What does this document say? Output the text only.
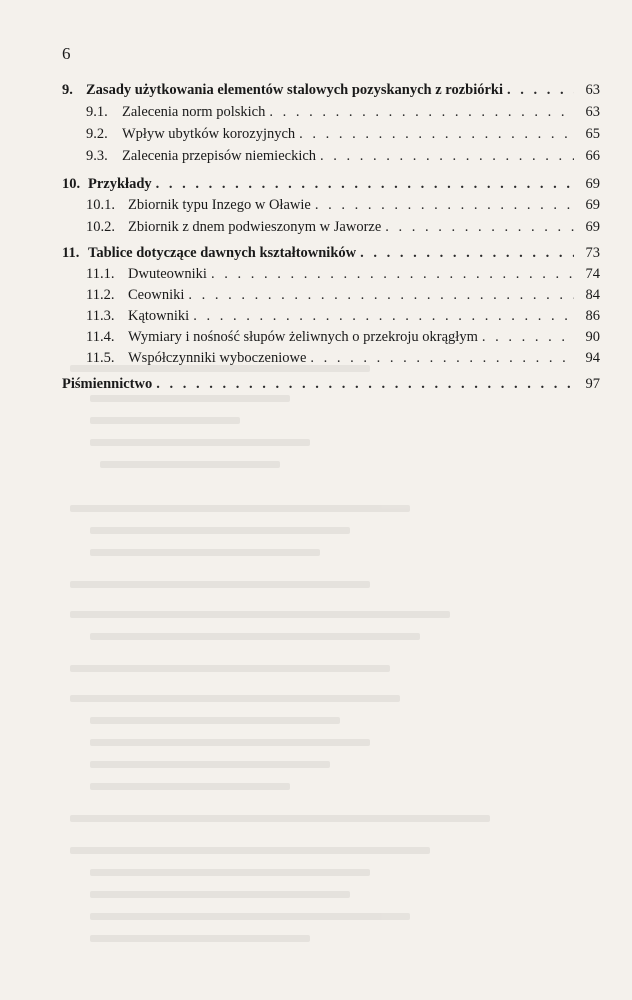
6
9. Zasady użytkowania elementów stalowych pozyskanych z rozbiórki . . .	63
9.1. Zalecenia norm polskich . . .	63
9.2. Wpływ ubytków korozyjnych . . .	65
9.3. Zalecenia przepisów niemieckich . . .	66
10. Przykłady . . .	69
10.1. Zbiornik typu Inzego w Oławie . . .	69
10.2. Zbiornik z dnem podwieszonym w Jaworze . . .	69
11. Tablice dotyczące dawnych kształtowników . . .	73
11.1. Dwuteowniki . . .	74
11.2. Ceowniki . . .	84
11.3. Kątowniki . . .	86
11.4. Wymiary i nośność słupów żeliwnych o przekroju okrągłym . . .	90
11.5. Współczynniki wyboczeniowe . . .	94
Piśmiennictwo . . .	97
